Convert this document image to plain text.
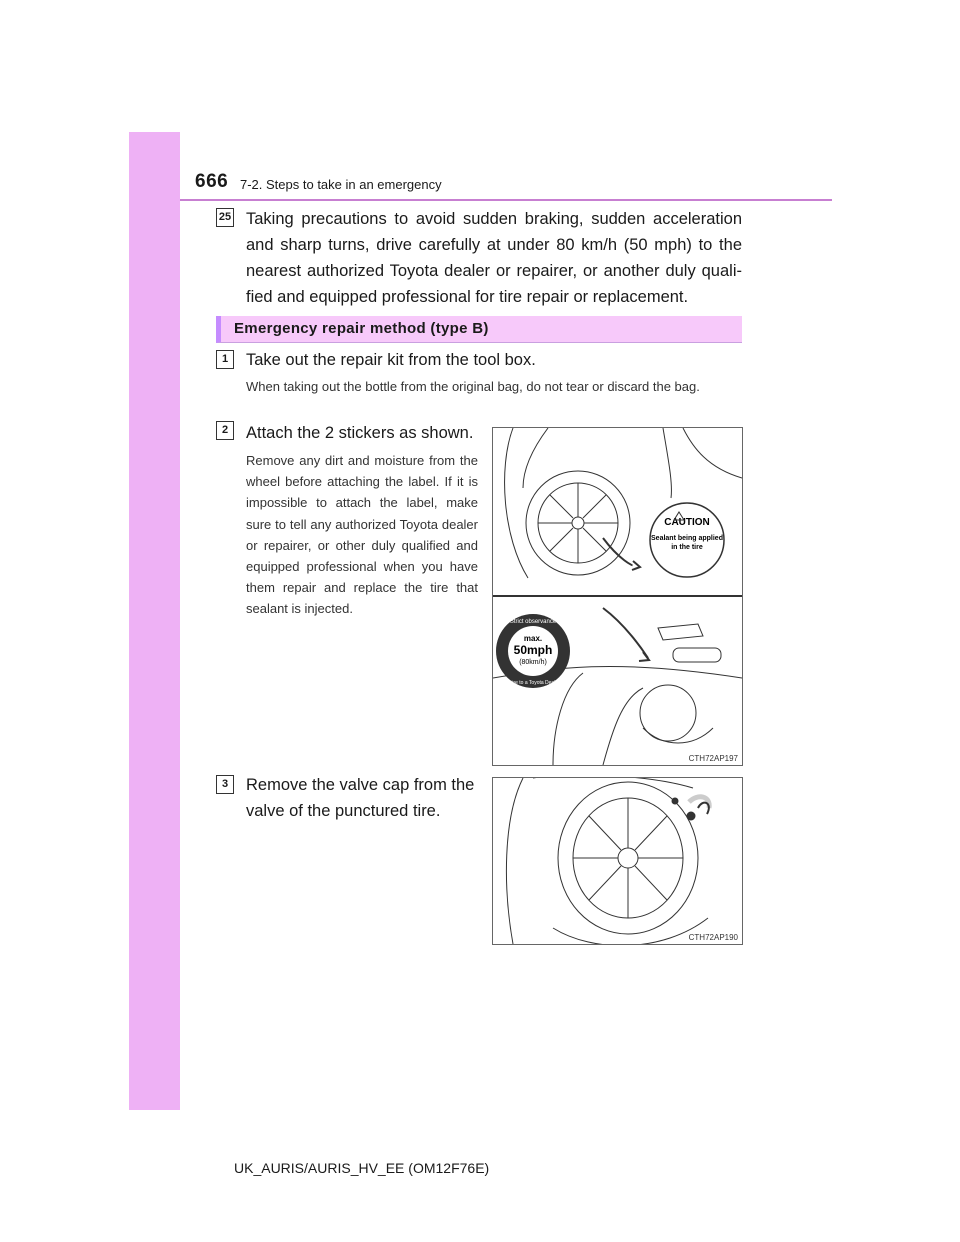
666 7-2. Steps to take in an emergency
25 Taking precautions to avoid sudden braking, sudden acceleration and sharp turns, drive carefully at under 80 km/h (50 mph) to the nearest authorized Toyota dealer or repairer, or another duly quali-fied and equipped professional for tire repair or replacement.
Emergency repair method (type B)
1	Take out the repair kit from the tool box.
When taking out the bottle from the original bag, do not tear or discard the bag.
2	Attach the 2 stickers as shown.
Remove any dirt and moisture from the wheel before attaching the label. If it is impossible to attach the label, make sure to tell any authorized Toyota dealer or repairer, or other duly qualified and equipped professional when you have them repair and replace the tire that sealant is injected.
CAUTION
Sealant being applied
in the tire
max.
50mph
(80km/h)
Strict observance
Drive to a Toyota Dealer
CTH72AP197
3	Remove the valve cap from the valve of the punctured tire.
CTH72AP190
UK_AURIS/AURIS_HV_EE (OM12F76E)
